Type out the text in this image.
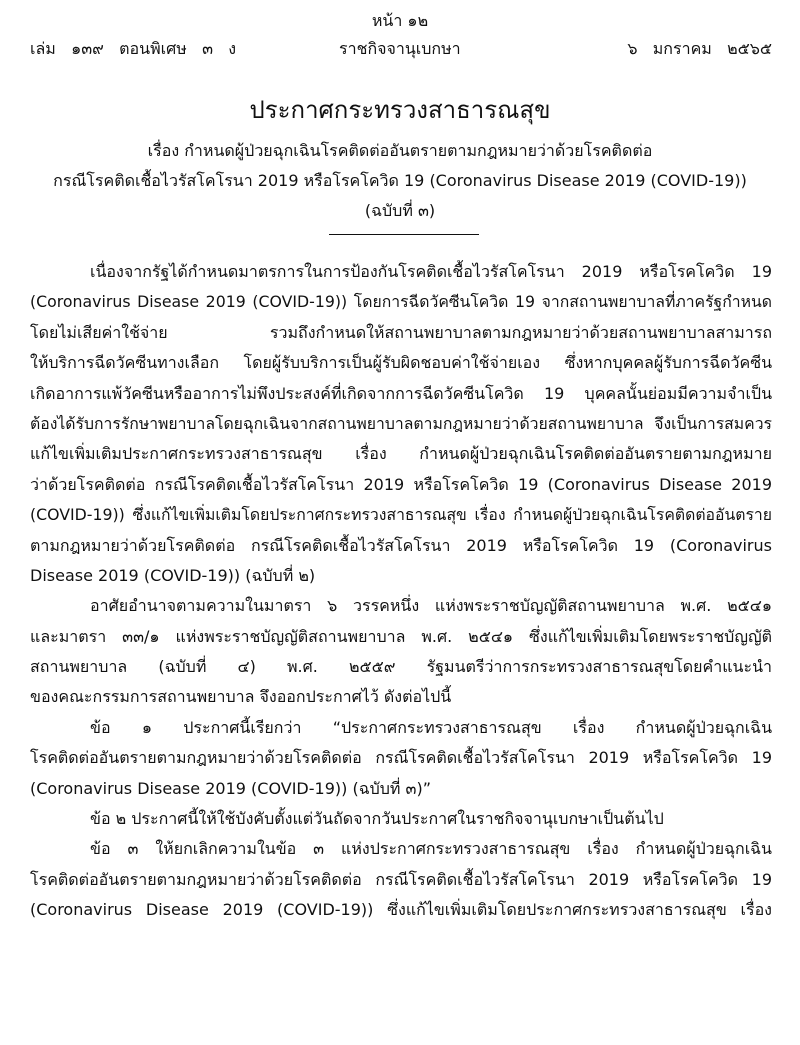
หน้า ๑๒
เล่ม   ๑๓๙   ตอนพิเศษ   ๓   ง	ราชกิจจานุเบกษา	๖   มกราคม   ๒๕๖๕
ประกาศกระทรวงสาธารณสุข
เรื่อง กำหนดผู้ป่วยฉุกเฉินโรคติดต่ออันตรายตามกฎหมายว่าด้วยโรคติดต่อ
กรณีโรคติดเชื้อไวรัสโคโรนา 2019 หรือโรคโควิด 19 (Coronavirus Disease 2019 (COVID-19))
(ฉบับที่ ๓)
เนื่องจากรัฐได้กำหนดมาตรการในการป้องกันโรคติดเชื้อไวรัสโคโรนา 2019 หรือโรคโควิด 19
(Coronavirus Disease 2019 (COVID-19)) โดยการฉีดวัคซีนโควิด 19 จากสถานพยาบาลที่ภาครัฐกำหนด
โดยไม่เสียค่าใช้จ่าย รวมถึงกำหนดให้สถานพยาบาลตามกฎหมายว่าด้วยสถานพยาบาลสามารถ
ให้บริการฉีดวัคซีนทางเลือก โดยผู้รับบริการเป็นผู้รับผิดชอบค่าใช้จ่ายเอง ซึ่งหากบุคคลผู้รับการฉีดวัคซีน
เกิดอาการแพ้วัคซีนหรืออาการไม่พึงประสงค์ที่เกิดจากการฉีดวัคซีนโควิด 19 บุคคลนั้นย่อมมีความจำเป็น
ต้องได้รับการรักษาพยาบาลโดยฉุกเฉินจากสถานพยาบาลตามกฎหมายว่าด้วยสถานพยาบาล จึงเป็นการสมควร
แก้ไขเพิ่มเติมประกาศกระทรวงสาธารณสุข เรื่อง กำหนดผู้ป่วยฉุกเฉินโรคติดต่ออันตรายตามกฎหมาย
ว่าด้วยโรคติดต่อ กรณีโรคติดเชื้อไวรัสโคโรนา 2019 หรือโรคโควิด 19 (Coronavirus Disease 2019
(COVID-19)) ซึ่งแก้ไขเพิ่มเติมโดยประกาศกระทรวงสาธารณสุข เรื่อง กำหนดผู้ป่วยฉุกเฉินโรคติดต่ออันตราย
ตามกฎหมายว่าด้วยโรคติดต่อ กรณีโรคติดเชื้อไวรัสโคโรนา 2019 หรือโรคโควิด 19 (Coronavirus
Disease 2019 (COVID-19)) (ฉบับที่ ๒)
อาศัยอำนาจตามความในมาตรา ๖ วรรคหนึ่ง แห่งพระราชบัญญัติสถานพยาบาล พ.ศ. ๒๕๔๑
และมาตรา ๓๓/๑ แห่งพระราชบัญญัติสถานพยาบาล พ.ศ. ๒๕๔๑ ซึ่งแก้ไขเพิ่มเติมโดยพระราชบัญญัติ
สถานพยาบาล (ฉบับที่ ๔) พ.ศ. ๒๕๕๙ รัฐมนตรีว่าการกระทรวงสาธารณสุขโดยคำแนะนำ
ของคณะกรรมการสถานพยาบาล จึงออกประกาศไว้ ดังต่อไปนี้
ข้อ ๑ ประกาศนี้เรียกว่า “ประกาศกระทรวงสาธารณสุข เรื่อง กำหนดผู้ป่วยฉุกเฉิน
โรคติดต่ออันตรายตามกฎหมายว่าด้วยโรคติดต่อ กรณีโรคติดเชื้อไวรัสโคโรนา 2019 หรือโรคโควิด 19
(Coronavirus Disease 2019 (COVID-19)) (ฉบับที่ ๓)”
ข้อ ๒ ประกาศนี้ให้ใช้บังคับตั้งแต่วันถัดจากวันประกาศในราชกิจจานุเบกษาเป็นต้นไป
ข้อ ๓ ให้ยกเลิกความในข้อ ๓ แห่งประกาศกระทรวงสาธารณสุข เรื่อง กำหนดผู้ป่วยฉุกเฉิน
โรคติดต่ออันตรายตามกฎหมายว่าด้วยโรคติดต่อ กรณีโรคติดเชื้อไวรัสโคโรนา 2019 หรือโรคโควิด 19
(Coronavirus Disease 2019 (COVID-19)) ซึ่งแก้ไขเพิ่มเติมโดยประกาศกระทรวงสาธารณสุข เรื่อง
